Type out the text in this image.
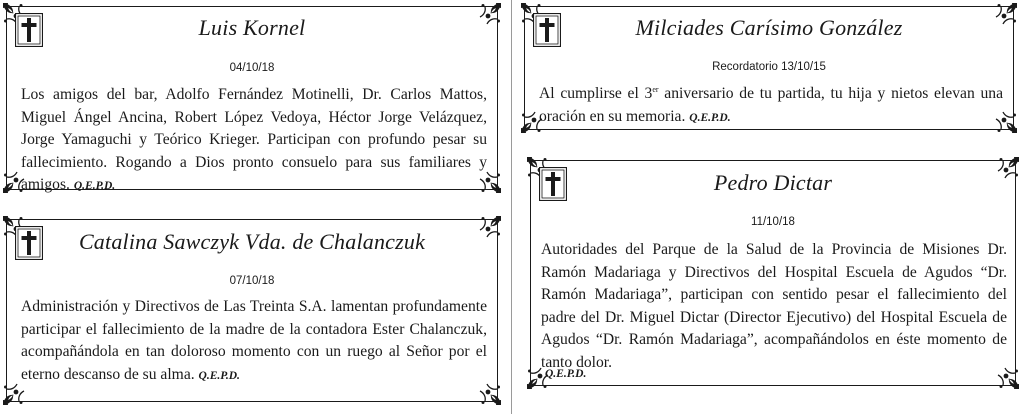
Luis Kornel
04/10/18

Los amigos del bar, Adolfo Fernández Motinelli, Dr. Carlos Mattos, Miguel Ángel Ancina, Robert López Vedoya, Héctor Jorge Velázquez, Jorge Yamaguchi y Teórico Krieger. Participan con profundo pesar su fallecimiento. Rogando a Dios pronto consuelo para sus familiares y amigos. Q.E.P.D.

Catalina Sawczyk Vda. de Chalanczuk
07/10/18

Administración y Directivos de Las Treinta S.A. lamentan profundamente participar el fallecimiento de la madre de la contadora Ester Chalanczuk, acompañándola en tan doloroso momento con un ruego al Señor por el eterno descanso de su alma. Q.E.P.D.

Milciades Carísimo González
Recordatorio 13/10/15

Al cumplirse el 3er aniversario de tu partida, tu hija y nietos elevan una oración en su memoria. Q.E.P.D.

Pedro Dictar
11/10/18

Autoridades del Parque de la Salud de la Provincia de Misiones Dr. Ramón Madariaga y Directivos del Hospital Escuela de Agudos “Dr. Ramón Madariaga”, participan con sentido pesar el fallecimiento del padre del Dr. Miguel Dictar (Director Ejecutivo) del Hospital Escuela de Agudos “Dr. Ramón Madariaga”, acompañándolos en éste momento de tanto dolor.

Q.E.P.D.
